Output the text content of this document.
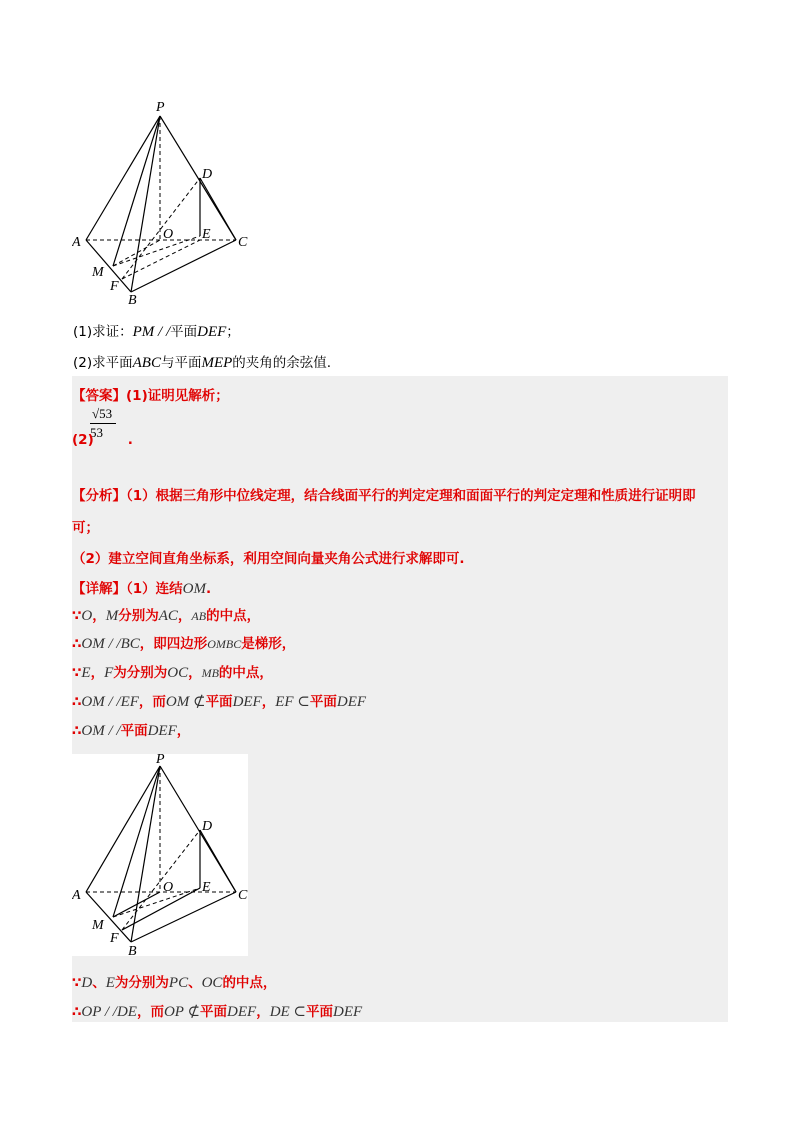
P
D
A
O E
C
M
F
B
(1)求证：PM / /平面DEF；
(2)求平面ABC与平面MEP的夹角的余弦值.
【答案】(1)证明见解析；
√53
53
(2)	.
【分析】（1）根据三角形中位线定理，结合线面平行的判定定理和面面平行的判定定理和性质进行证明即
可；
（2）建立空间直角坐标系，利用空间向量夹角公式进行求解即可.
【详解】（1）连结OM.
∵O，M分别为AC，AB的中点，
∴OM / /BC，即四边形OMBC是梯形，
∵E，F为分别为OC，MB的中点，
∴OM / /EF，而OM ⊄平面DEF，EF ⊂平面DEF
∴OM / /平面DEF，
∵D、E为分别为PC、OC的中点，
∴OP / /DE，而OP ⊄平面DEF，DE ⊂平面DEF
P
D
A
O E
C
M
F
B
